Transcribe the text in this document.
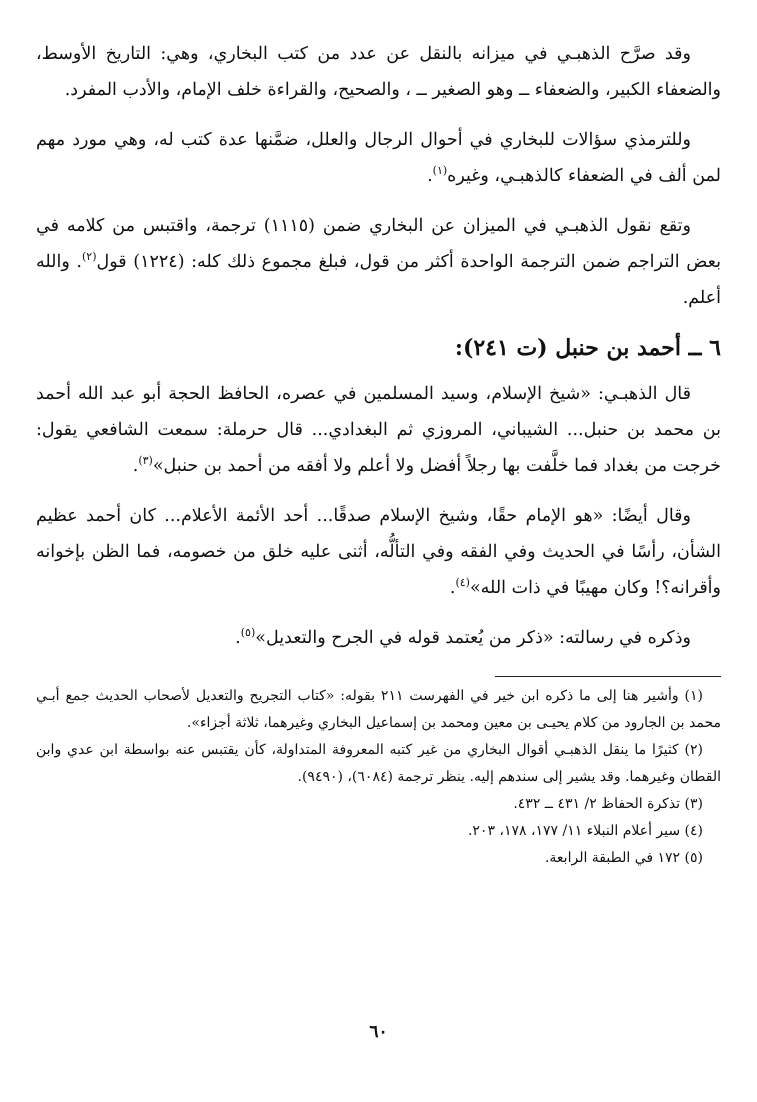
وقد صرَّح الذهبـي في ميزانه بالنقل عن عدد من كتب البخاري، وهي: التاريخ الأوسط، والضعفاء الكبير، والضعفاء ــ وهو الصغير ــ ، والصحيح، والقراءة خلف الإمام، والأدب المفرد.

وللترمذي سؤالات للبخاري في أحوال الرجال والعلل، ضمَّنها عدة كتب له، وهي مورد مهم لمن ألف في الضعفاء كالذهبـي، وغيره$^{(١)}$.

وتقع نقول الذهبـي في الميزان عن البخاري ضمن (١١١٥) ترجمة، واقتبس من كلامه في بعض التراجم ضمن الترجمة الواحدة أكثر من قول، فبلغ مجموع ذلك كله: (١٢٢٤) قول$^{(٢)}$. والله أعلم.

٦ ــ أحمد بن حنبل (ت ٢٤١):

قال الذهبـي: «شيخ الإسلام، وسيد المسلمين في عصره، الحافظ الحجة أبو عبد الله أحمد بن محمد بن حنبل... الشيباني، المروزي ثم البغدادي... قال حرملة: سمعت الشافعي يقول: خرجت من بغداد فما خلَّفت بها رجلاً أفضل ولا أعلم ولا أفقه من أحمد بن حنبل»$^{(٣)}$.

وقال أيضًا: «هو الإمام حقًا، وشيخ الإسلام صدقًا... أحد الأئمة الأعلام... كان أحمد عظيم الشأن، رأسًا في الحديث وفي الفقه وفي التألُّه، أثنى عليه خلق من خصومه، فما الظن بإخوانه وأقرانه؟! وكان مهيبًا في ذات الله»$^{(٤)}$.

وذكره في رسالته: «ذكر من يُعتمد قوله في الجرح والتعديل»$^{(٥)}$.

(١) وأشير هنا إلى ما ذكره ابن خير في الفهرست ٢١١ بقوله: «كتاب التجريح والتعديل لأصحاب الحديث جمع أبـي محمد بن الجارود من كلام يحيـى بن معين ومحمد بن إسماعيل البخاري وغيرهما، ثلاثة أجزاء».

(٢) كثيرًا ما ينقل الذهبـي أقوال البخاري من غير كتبه المعروفة المتداولة، كأن يقتبس عنه بواسطة ابن عدي وابن القطان وغيرهما. وقد يشير إلى سندهم إليه. ينظر ترجمة (٦٠٨٤)، (٩٤٩٠).

(٣) تذكرة الحفاظ ٢/ ٤٣١ ــ ٤٣٢.

(٤) سير أعلام النبلاء ١١/ ١٧٧، ١٧٨، ٢٠٣.

(٥) ١٧٢ في الطبقة الرابعة.

٦٠
